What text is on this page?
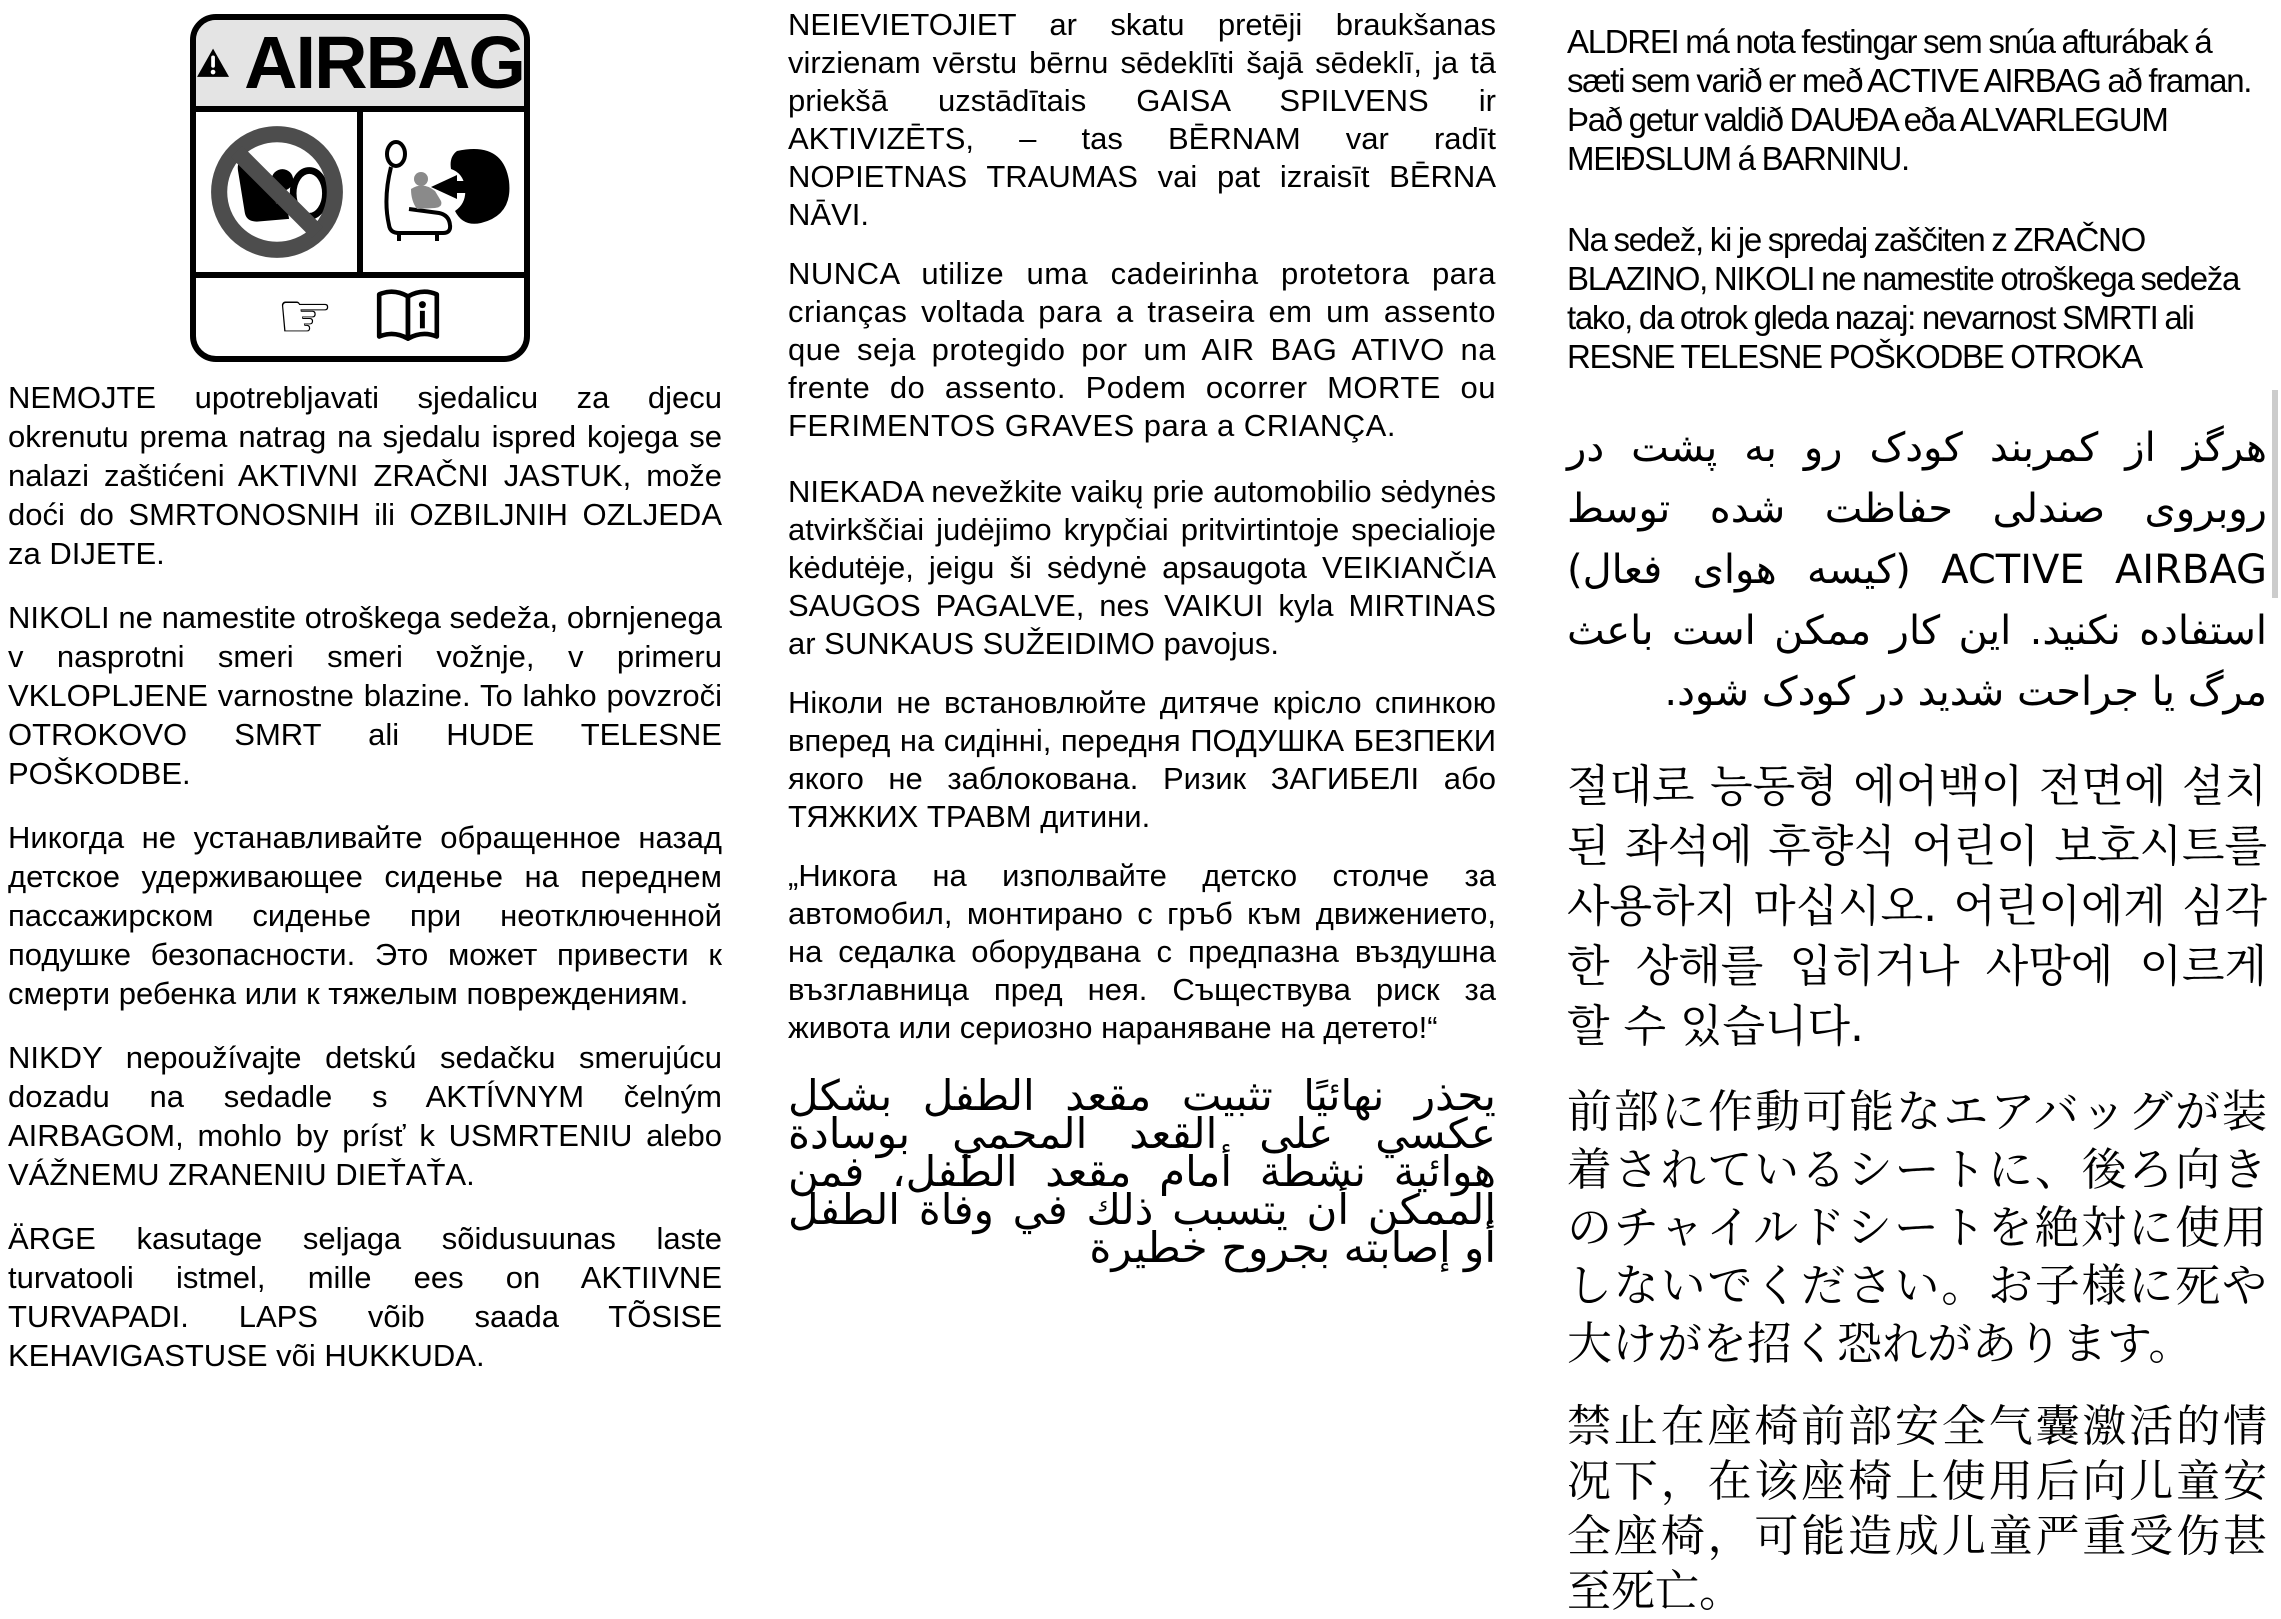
AIRBAG
☞

NEMOJTE upotrebljavati sjedalicu za djecu okrenutu prema natrag na sjedalu ispred kojega se nalazi zaštićeni AKTIVNI ZRAČNI JASTUK, može doći do SMRTONOSNIH ili OZBILJNIH OZLJEDA za DIJETE.

NIKOLI ne namestite otroškega sedeža, obrnjenega v nasprotni smeri smeri vožnje, v primeru VKLOPLJENE varnostne blazine. To lahko povzroči OTROKOVO SMRT ali HUDE TELESNE POŠKODBE.

Никогда не устанавливайте обращенное назад детское удерживающее сиденье на переднем пассажирском сиденье при неотключенной подушке безопасности. Это может привести к смерти ребенка или к тяжелым повреждениям.

NIKDY nepoužívajte detskú sedačku smerujúcu dozadu na sedadle s AKTÍVNYM čelným AIRBAGOM, mohlo by prísť k USMRTENIU alebo VÁŽNEMU ZRANENIU DIEŤAŤA.

ÄRGE kasutage seljaga sõidusuunas laste turvatooli istmel, mille ees on AKTIIVNE TURVAPADI. LAPS võib saada TÕSISE KEHAVIGASTUSE või HUKKUDA.

NEIEVIETOJIET ar skatu pretēji braukšanas virzienam vērstu bērnu sēdeklīti šajā sēdeklī, ja tā priekšā uzstādītais GAISA SPILVENS ir AKTIVIZĒTS, – tas BĒRNAM var radīt NOPIETNAS TRAUMAS vai pat izraisīt BĒRNA NĀVI.

NUNCA utilize uma cadeirinha protetora para crianças voltada para a traseira em um assento que seja protegido por um AIR BAG ATIVO na frente do assento. Podem ocorrer MORTE ou FERIMENTOS GRAVES para a CRIANÇA.

NIEKADA nevežkite vaikų prie automobilio sėdynės atvirkščiai judėjimo krypčiai pritvirtintoje specialioje kėdutėje, jeigu ši sėdynė apsaugota VEIKIANČIA SAUGOS PAGALVE, nes VAIKUI kyla MIRTINAS ar SUNKAUS SUŽEIDIMO pavojus.

Ніколи не встановлюйте дитяче крісло спинкою вперед на сидінні, передня ПОДУШКА БЕЗПЕКИ якого не заблокована. Ризик ЗАГИБЕЛІ або ТЯЖКИХ ТРАВМ дитини.

„Никога на изполвайте детско столче за автомобил, монтирано с гръб към движението, на седалка оборудвана с предпазна въздушна възглавница пред нея. Съществува риск за живота или сериозно нараняване на детето!“

يحذر نهائيًا تثبيت مقعد الطفل بشكل عكسي على القعد المحمي بوسادة هوائية نشطة أمام مقعد الطفل، فمن الممكن أن يتسبب ذلك في وفاة الطفل أو إصابته بجروح خطيرة

ALDREI má nota festingar sem snúa afturábak á sæti sem varið er með ACTIVE AIRBAG að framan. Það getur valdið DAUÐA eða ALVARLEGUM MEIÐSLUM á BARNINU.

Na sedež, ki je spredaj zaščiten z ZRAČNO BLAZINO, NIKOLI ne namestite otroškega sedeža tako, da otrok gleda nazaj: nevarnost SMRTI ali RESNE TELESNE POŠKODBE OTROKA

هرگز از کمربند کودک رو به پشت در روبروی صندلی حفاظت شده توسط ACTIVE AIRBAG (کیسه هوای فعال) استفاده نکنید. این کار ممکن است باعث مرگ یا جراحت شدید در کودک شود.

절대로 능동형 에어백이 전면에 설치된 좌석에 후향식 어린이 보호시트를 사용하지 마십시오. 어린이에게 심각한 상해를 입히거나 사망에 이르게 할 수 있습니다.

前部に作動可能なエアバッグが装着されているシートに、後ろ向きのチャイルドシートを絶対に使用しないでください。お子様に死や大けがを招く恐れがあります。

禁止在座椅前部安全气囊激活的情况下，在该座椅上使用后向儿童安全座椅，可能造成儿童严重受伤甚至死亡。
